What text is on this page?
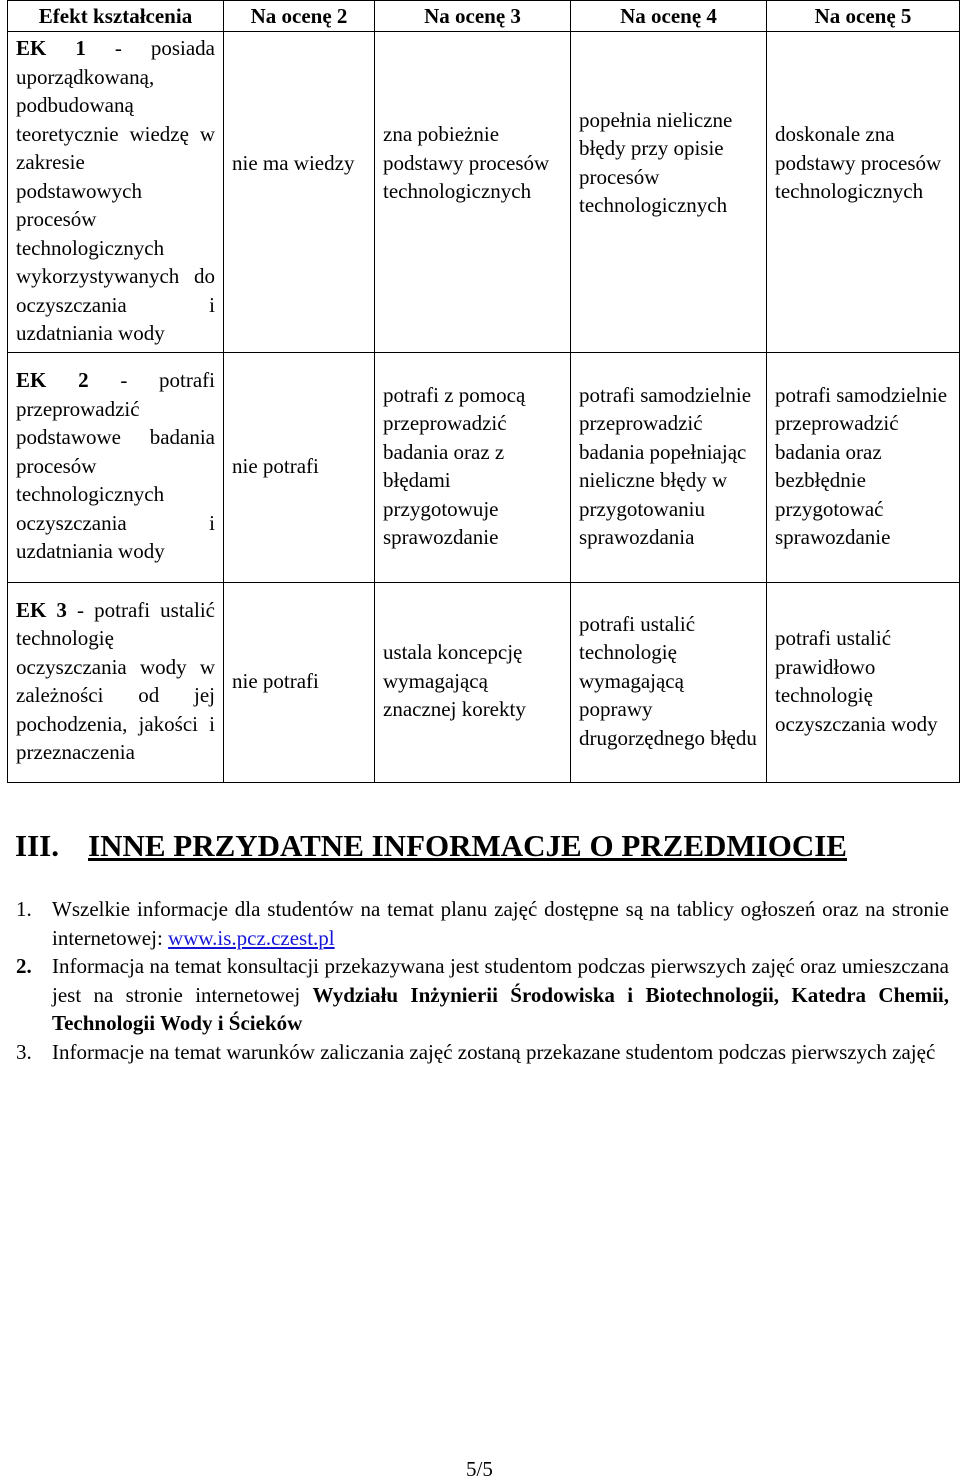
Efekt kształcenia	Na ocenę 2	Na ocenę 3	Na ocenę 4	Na ocenę 5
EK 1 - posiada uporządkowaną, podbudowaną teoretycznie wiedzę w zakresie podstawowych procesów technologicznych wykorzystywanych do oczyszczania i uzdatniania wody	nie ma wiedzy	zna pobieżnie podstawy procesów technologicznych	popełnia nieliczne błędy przy opisie procesów technologicznych	doskonale zna podstawy procesów technologicznych
EK 2 - potrafi przeprowadzić podstawowe badania procesów technologicznych oczyszczania i uzdatniania wody	nie potrafi	potrafi z pomocą przeprowadzić badania oraz z błędami przygotowuje sprawozdanie	potrafi samodzielnie przeprowadzić badania popełniając nieliczne błędy w przygotowaniu sprawozdania	potrafi samodzielnie przeprowadzić badania oraz bezbłędnie przygotować sprawozdanie
EK 3 - potrafi ustalić technologię oczyszczania wody w zależności od jej pochodzenia, jakości i przeznaczenia	nie potrafi	ustala koncepcję wymagającą znacznej korekty	potrafi ustalić technologię wymagającą poprawy drugorzędnego błędu	potrafi ustalić prawidłowo technologię oczyszczania wody
III. INNE PRZYDATNE INFORMACJE O PRZEDMIOCIE

1. Wszelkie informacje dla studentów na temat planu zajęć dostępne są na tablicy ogłoszeń oraz na stronie internetowej: www.is.pcz.czest.pl

2. Informacja na temat konsultacji przekazywana jest studentom podczas pierwszych zajęć oraz umieszczana jest na stronie internetowej Wydziału Inżynierii Środowiska i Biotechnologii, Katedra Chemii, Technologii Wody i Ścieków

3. Informacje na temat warunków zaliczania zajęć zostaną przekazane studentom podczas pierwszych zajęć

5/5
